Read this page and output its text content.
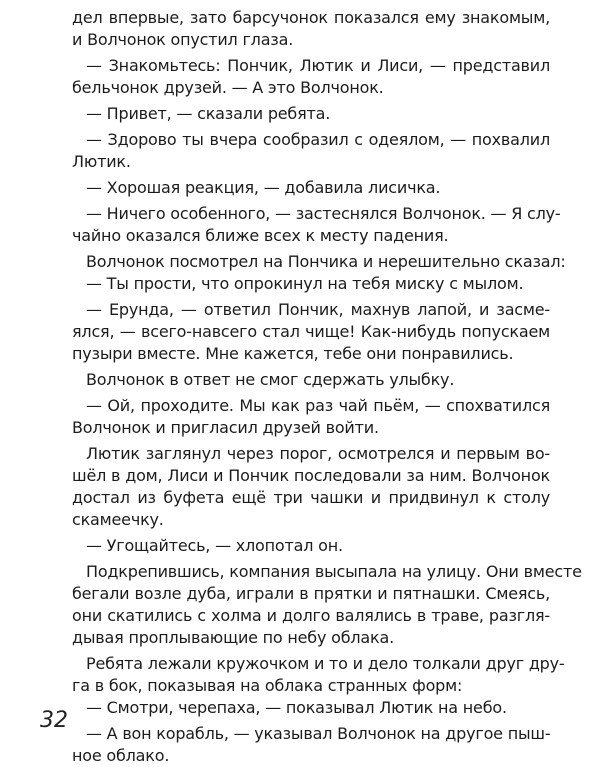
дел впервые, зато барсучонок показался ему знакомым,
и Волчонок опустил глаза.
— Знакомьтесь: Пончик, Лютик и Лиси, — представил
бельчонок друзей. — А это Волчонок.
— Привет, — сказали ребята.
— Здорово ты вчера сообразил с одеялом, — похвалил
Лютик.
— Хорошая реакция, — добавила лисичка.
— Ничего особенного, — застеснялся Волчонок. — Я слу-
чайно оказался ближе всех к месту падения.
Волчонок посмотрел на Пончика и нерешительно сказал:
— Ты прости, что опрокинул на тебя миску с мылом.
— Ерунда, — ответил Пончик, махнув лапой, и засме-
ялся, — всего-навсего стал чище! Как-нибудь попускаем
пузыри вместе. Мне кажется, тебе они понравились.
Волчонок в ответ не смог сдержать улыбку.
— Ой, проходите. Мы как раз чай пьём, — спохватился
Волчонок и пригласил друзей войти.
Лютик заглянул через порог, осмотрелся и первым во-
шёл в дом, Лиси и Пончик последовали за ним. Волчонок
достал из буфета ещё три чашки и придвинул к столу
скамеечку.
— Угощайтесь, — хлопотал он.
Подкрепившись, компания высыпала на улицу. Они вместе
бегали возле дуба, играли в прятки и пятнашки. Смеясь,
они скатились с холма и долго валялись в траве, разгля-
дывая проплывающие по небу облака.
Ребята лежали кружочком и то и дело толкали друг дру-
га в бок, показывая на облака странных форм:
— Смотри, черепаха, — показывал Лютик на небо.
— А вон корабль, — указывал Волчонок на другое пыш-
ное облако.
32
